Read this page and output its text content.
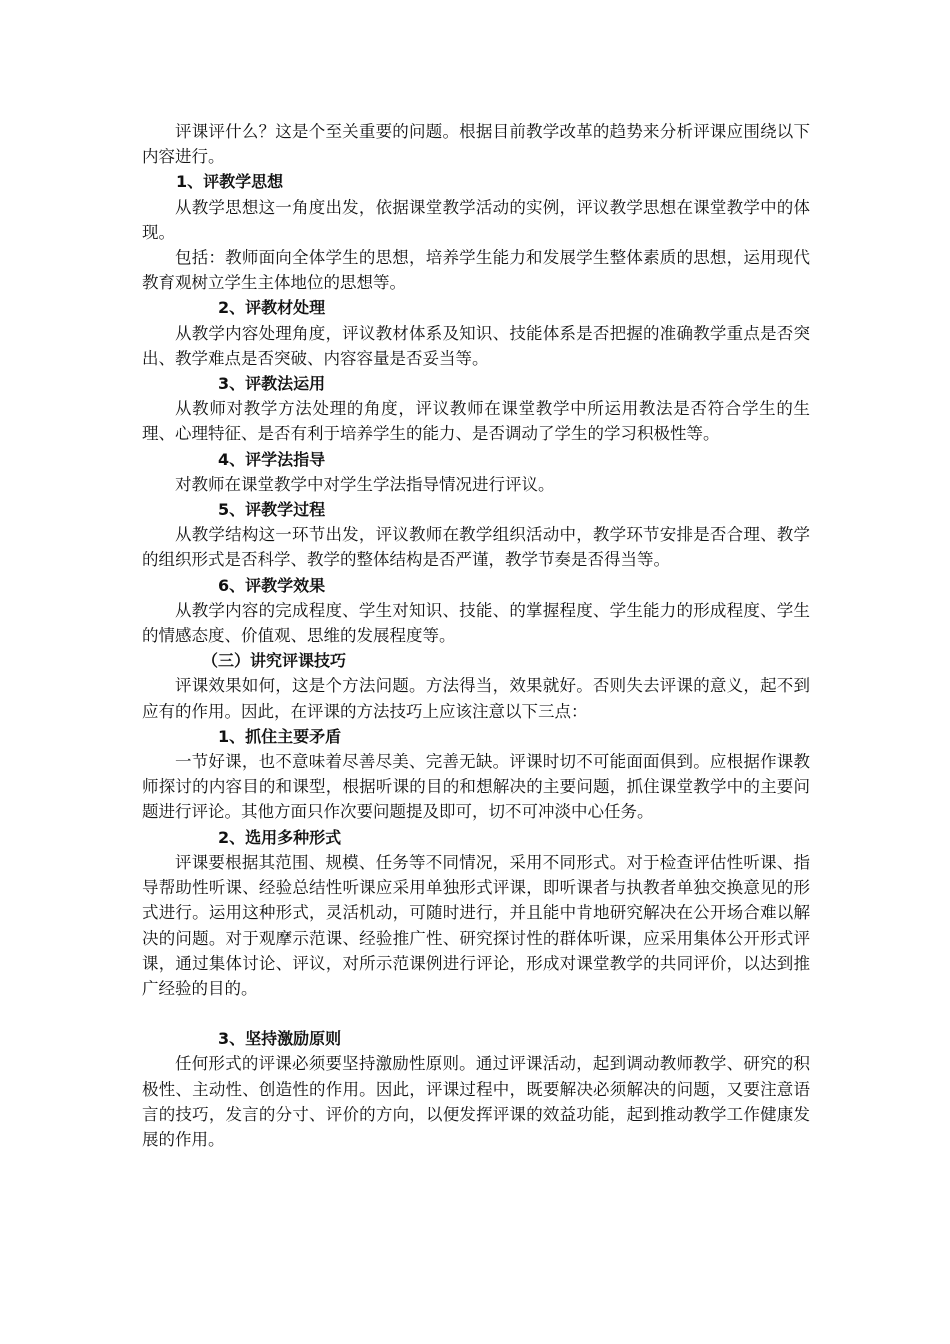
评课评什么？这是个至关重要的问题。根据目前教学改革的趋势来分析评课应围绕以下内容进行。

1、评教学思想

从教学思想这一角度出发，依据课堂教学活动的实例，评议教学思想在课堂教学中的体现。

包括：教师面向全体学生的思想，培养学生能力和发展学生整体素质的思想，运用现代教育观树立学生主体地位的思想等。

2、评教材处理

从教学内容处理角度，评议教材体系及知识、技能体系是否把握的准确教学重点是否突出、教学难点是否突破、内容容量是否妥当等。

3、评教法运用

从教师对教学方法处理的角度，评议教师在课堂教学中所运用教法是否符合学生的生理、心理特征、是否有利于培养学生的能力、是否调动了学生的学习积极性等。

4、评学法指导

对教师在课堂教学中对学生学法指导情况进行评议。

5、评教学过程

从教学结构这一环节出发，评议教师在教学组织活动中，教学环节安排是否合理、教学的组织形式是否科学、教学的整体结构是否严谨，教学节奏是否得当等。

6、评教学效果

从教学内容的完成程度、学生对知识、技能、的掌握程度、学生能力的形成程度、学生的情感态度、价值观、思维的发展程度等。

（三）讲究评课技巧

评课效果如何，这是个方法问题。方法得当，效果就好。否则失去评课的意义，起不到应有的作用。因此，在评课的方法技巧上应该注意以下三点：

1、抓住主要矛盾

一节好课，也不意味着尽善尽美、完善无缺。评课时切不可能面面俱到。应根据作课教师探讨的内容目的和课型，根据听课的目的和想解决的主要问题，抓住课堂教学中的主要问题进行评论。其他方面只作次要问题提及即可，切不可冲淡中心任务。

2、选用多种形式

评课要根据其范围、规模、任务等不同情况，采用不同形式。对于检查评估性听课、指导帮助性听课、经验总结性听课应采用单独形式评课，即听课者与执教者单独交换意见的形式进行。运用这种形式，灵活机动，可随时进行，并且能中肯地研究解决在公开场合难以解决的问题。对于观摩示范课、经验推广性、研究探讨性的群体听课，应采用集体公开形式评课，通过集体讨论、评议，对所示范课例进行评论，形成对课堂教学的共同评价，以达到推广经验的目的。

3、坚持激励原则

任何形式的评课必须要坚持激励性原则。通过评课活动，起到调动教师教学、研究的积极性、主动性、创造性的作用。因此，评课过程中，既要解决必须解决的问题，又要注意语言的技巧，发言的分寸、评价的方向，以便发挥评课的效益功能，起到推动教学工作健康发展的作用。
